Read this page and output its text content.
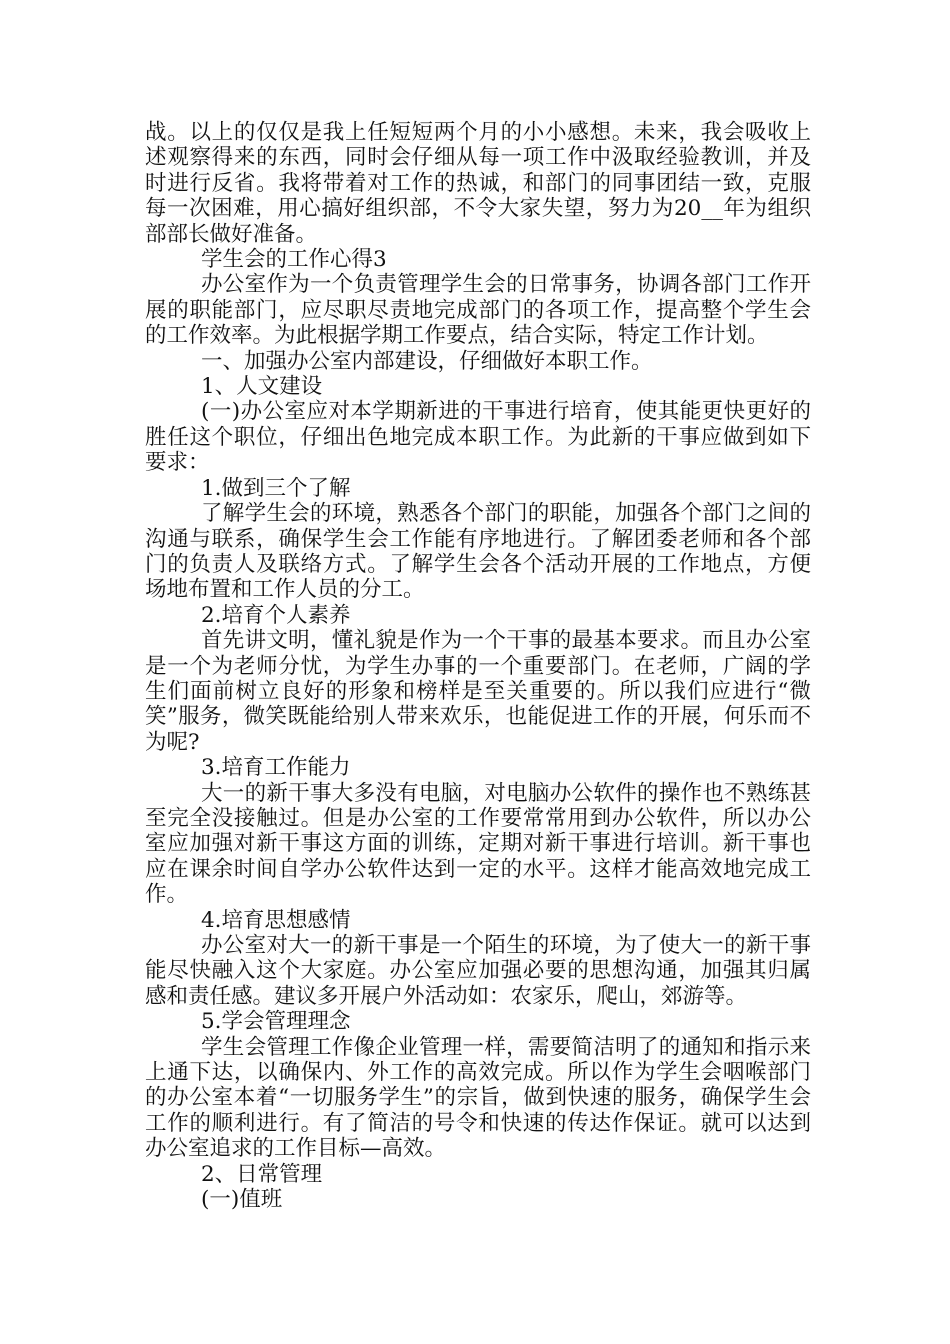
战。以上的仅仅是我上任短短两个月的小小感想。未来，我会吸收上述观察得来的东西，同时会仔细从每一项工作中汲取经验教训，并及时进行反省。我将带着对工作的热诚，和部门的同事团结一致，克服每一次困难，用心搞好组织部，不令大家失望，努力为20__年为组织部部长做好准备。

学生会的工作心得3

办公室作为一个负责管理学生会的日常事务，协调各部门工作开展的职能部门，应尽职尽责地完成部门的各项工作，提高整个学生会的工作效率。为此根据学期工作要点，结合实际，特定工作计划。

一、加强办公室内部建设，仔细做好本职工作。

1、人文建设

(一)办公室应对本学期新进的干事进行培育，使其能更快更好的胜任这个职位，仔细出色地完成本职工作。为此新的干事应做到如下要求：

1.做到三个了解

了解学生会的环境，熟悉各个部门的职能，加强各个部门之间的沟通与联系，确保学生会工作能有序地进行。了解团委老师和各个部门的负责人及联络方式。了解学生会各个活动开展的工作地点，方便场地布置和工作人员的分工。

2.培育个人素养

首先讲文明，懂礼貌是作为一个干事的最基本要求。而且办公室是一个为老师分忧，为学生办事的一个重要部门。在老师，广阔的学生们面前树立良好的形象和榜样是至关重要的。所以我们应进行“微笑”服务，微笑既能给别人带来欢乐，也能促进工作的开展，何乐而不为呢?

3.培育工作能力

大一的新干事大多没有电脑，对电脑办公软件的操作也不熟练甚至完全没接触过。但是办公室的工作要常常用到办公软件，所以办公室应加强对新干事这方面的训练，定期对新干事进行培训。新干事也应在课余时间自学办公软件达到一定的水平。这样才能高效地完成工作。

4.培育思想感情

办公室对大一的新干事是一个陌生的环境，为了使大一的新干事能尽快融入这个大家庭。办公室应加强必要的思想沟通，加强其归属感和责任感。建议多开展户外活动如：农家乐，爬山，郊游等。

5.学会管理理念

学生会管理工作像企业管理一样，需要简洁明了的通知和指示来上通下达，以确保内、外工作的高效完成。所以作为学生会咽喉部门的办公室本着“一切服务学生”的宗旨，做到快速的服务，确保学生会工作的顺利进行。有了简洁的号令和快速的传达作保证。就可以达到办公室追求的工作目标—高效。

2、日常管理

(一)值班
